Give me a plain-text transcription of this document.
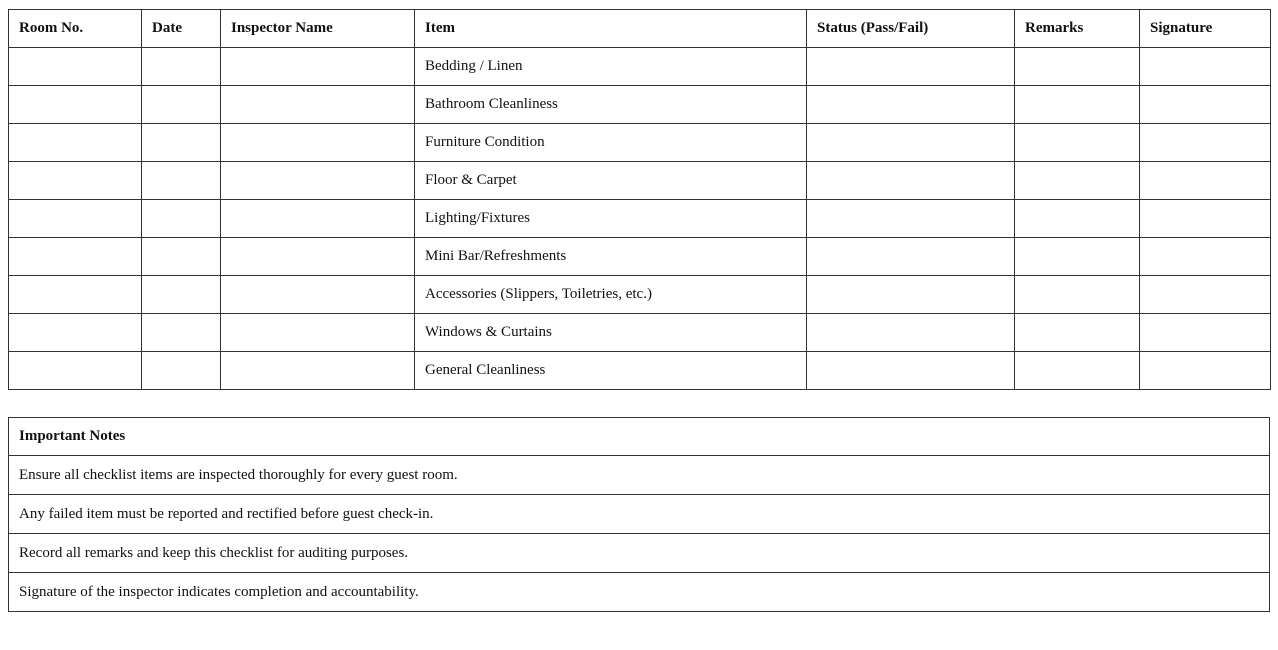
Room No.	Date	Inspector Name	Item	Status (Pass/Fail)	Remarks	Signature
			Bedding / Linen			
			Bathroom Cleanliness			
			Furniture Condition			
			Floor & Carpet			
			Lighting/Fixtures			
			Mini Bar/Refreshments			
			Accessories (Slippers, Toiletries, etc.)			
			Windows & Curtains			
			General Cleanliness			
Important Notes
Ensure all checklist items are inspected thoroughly for every guest room.
Any failed item must be reported and rectified before guest check-in.
Record all remarks and keep this checklist for auditing purposes.
Signature of the inspector indicates completion and accountability.
